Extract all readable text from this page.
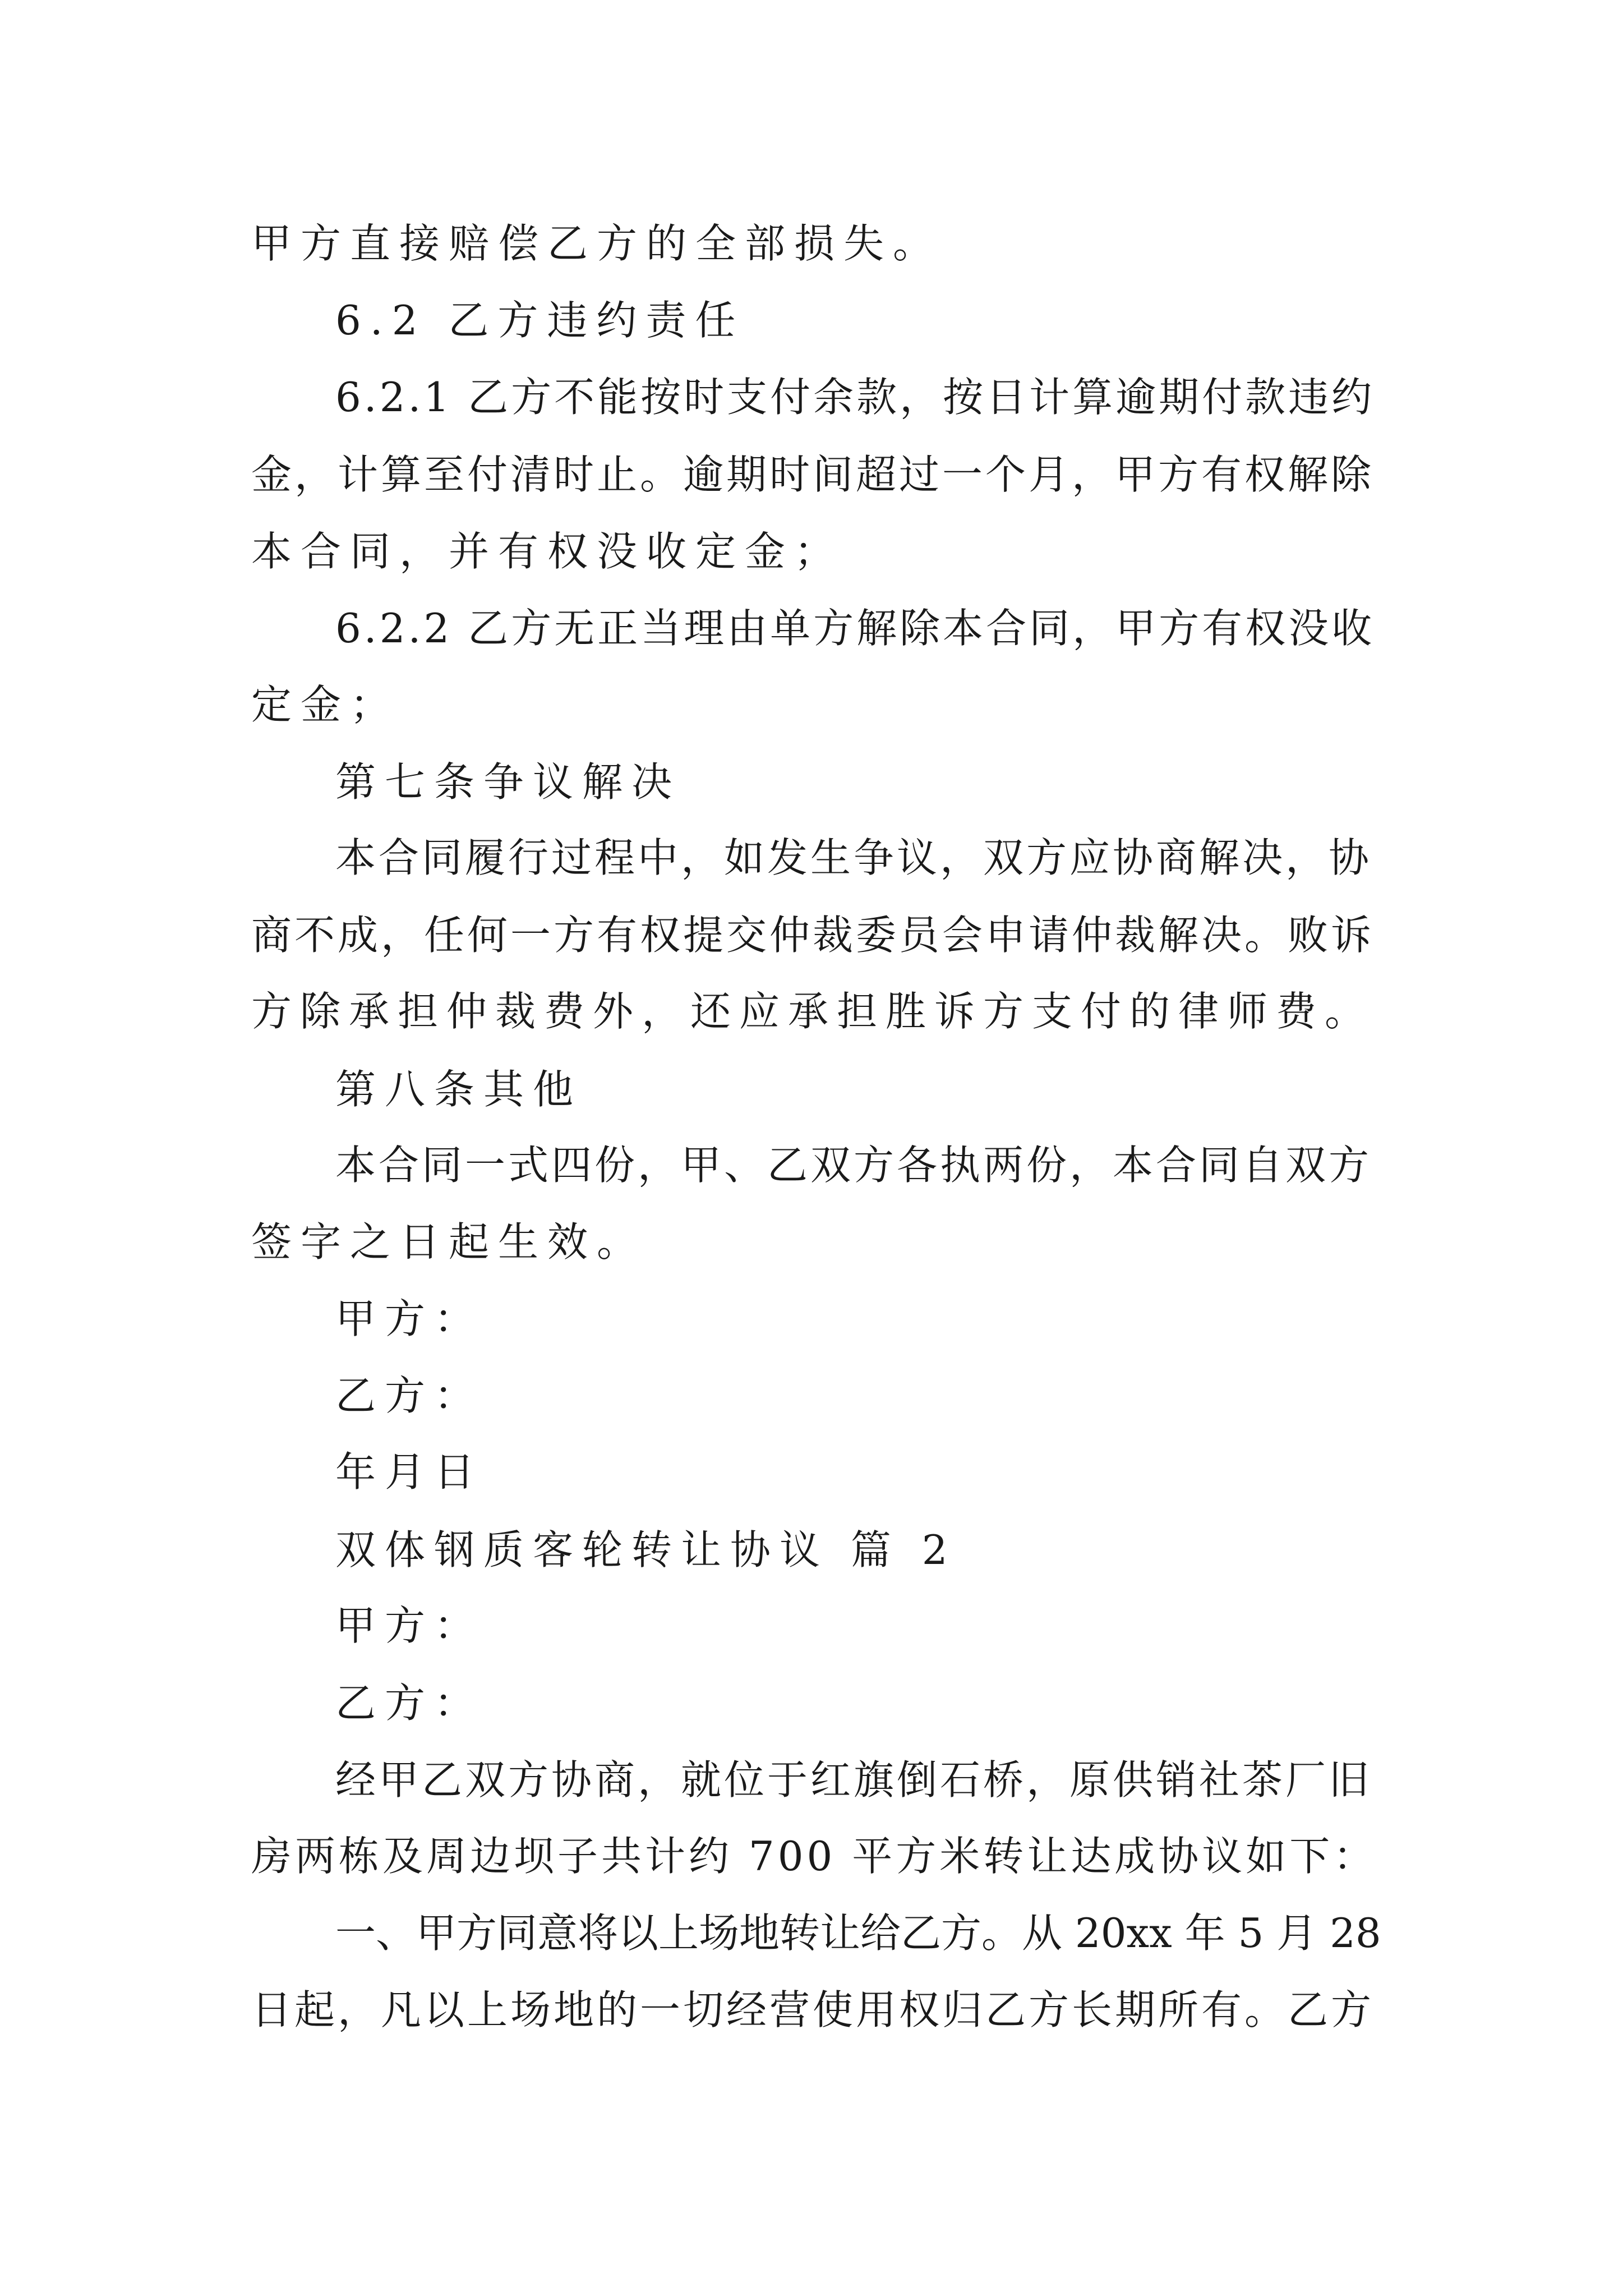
甲方直接赔偿乙方的全部损失。

6.2 乙方违约责任

6.2.1 乙方不能按时支付余款，按日计算逾期付款违约

金，计算至付清时止。逾期时间超过一个月，甲方有权解除

本合同，并有权没收定金；

6.2.2 乙方无正当理由单方解除本合同，甲方有权没收

定金；

第七条争议解决

本合同履行过程中，如发生争议，双方应协商解决，协

商不成，任何一方有权提交仲裁委员会申请仲裁解决。败诉

方除承担仲裁费外，还应承担胜诉方支付的律师费。

第八条其他

本合同一式四份，甲、乙双方各执两份，本合同自双方

签字之日起生效。

甲方：

乙方：

年月日

双体钢质客轮转让协议 篇 2

甲方：

乙方：

经甲乙双方协商，就位于红旗倒石桥，原供销社茶厂旧

房两栋及周边坝子共计约 700 平方米转让达成协议如下：

一、甲方同意将以上场地转让给乙方。从 20xx 年 5 月 28

日起，凡以上场地的一切经营使用权归乙方长期所有。乙方
